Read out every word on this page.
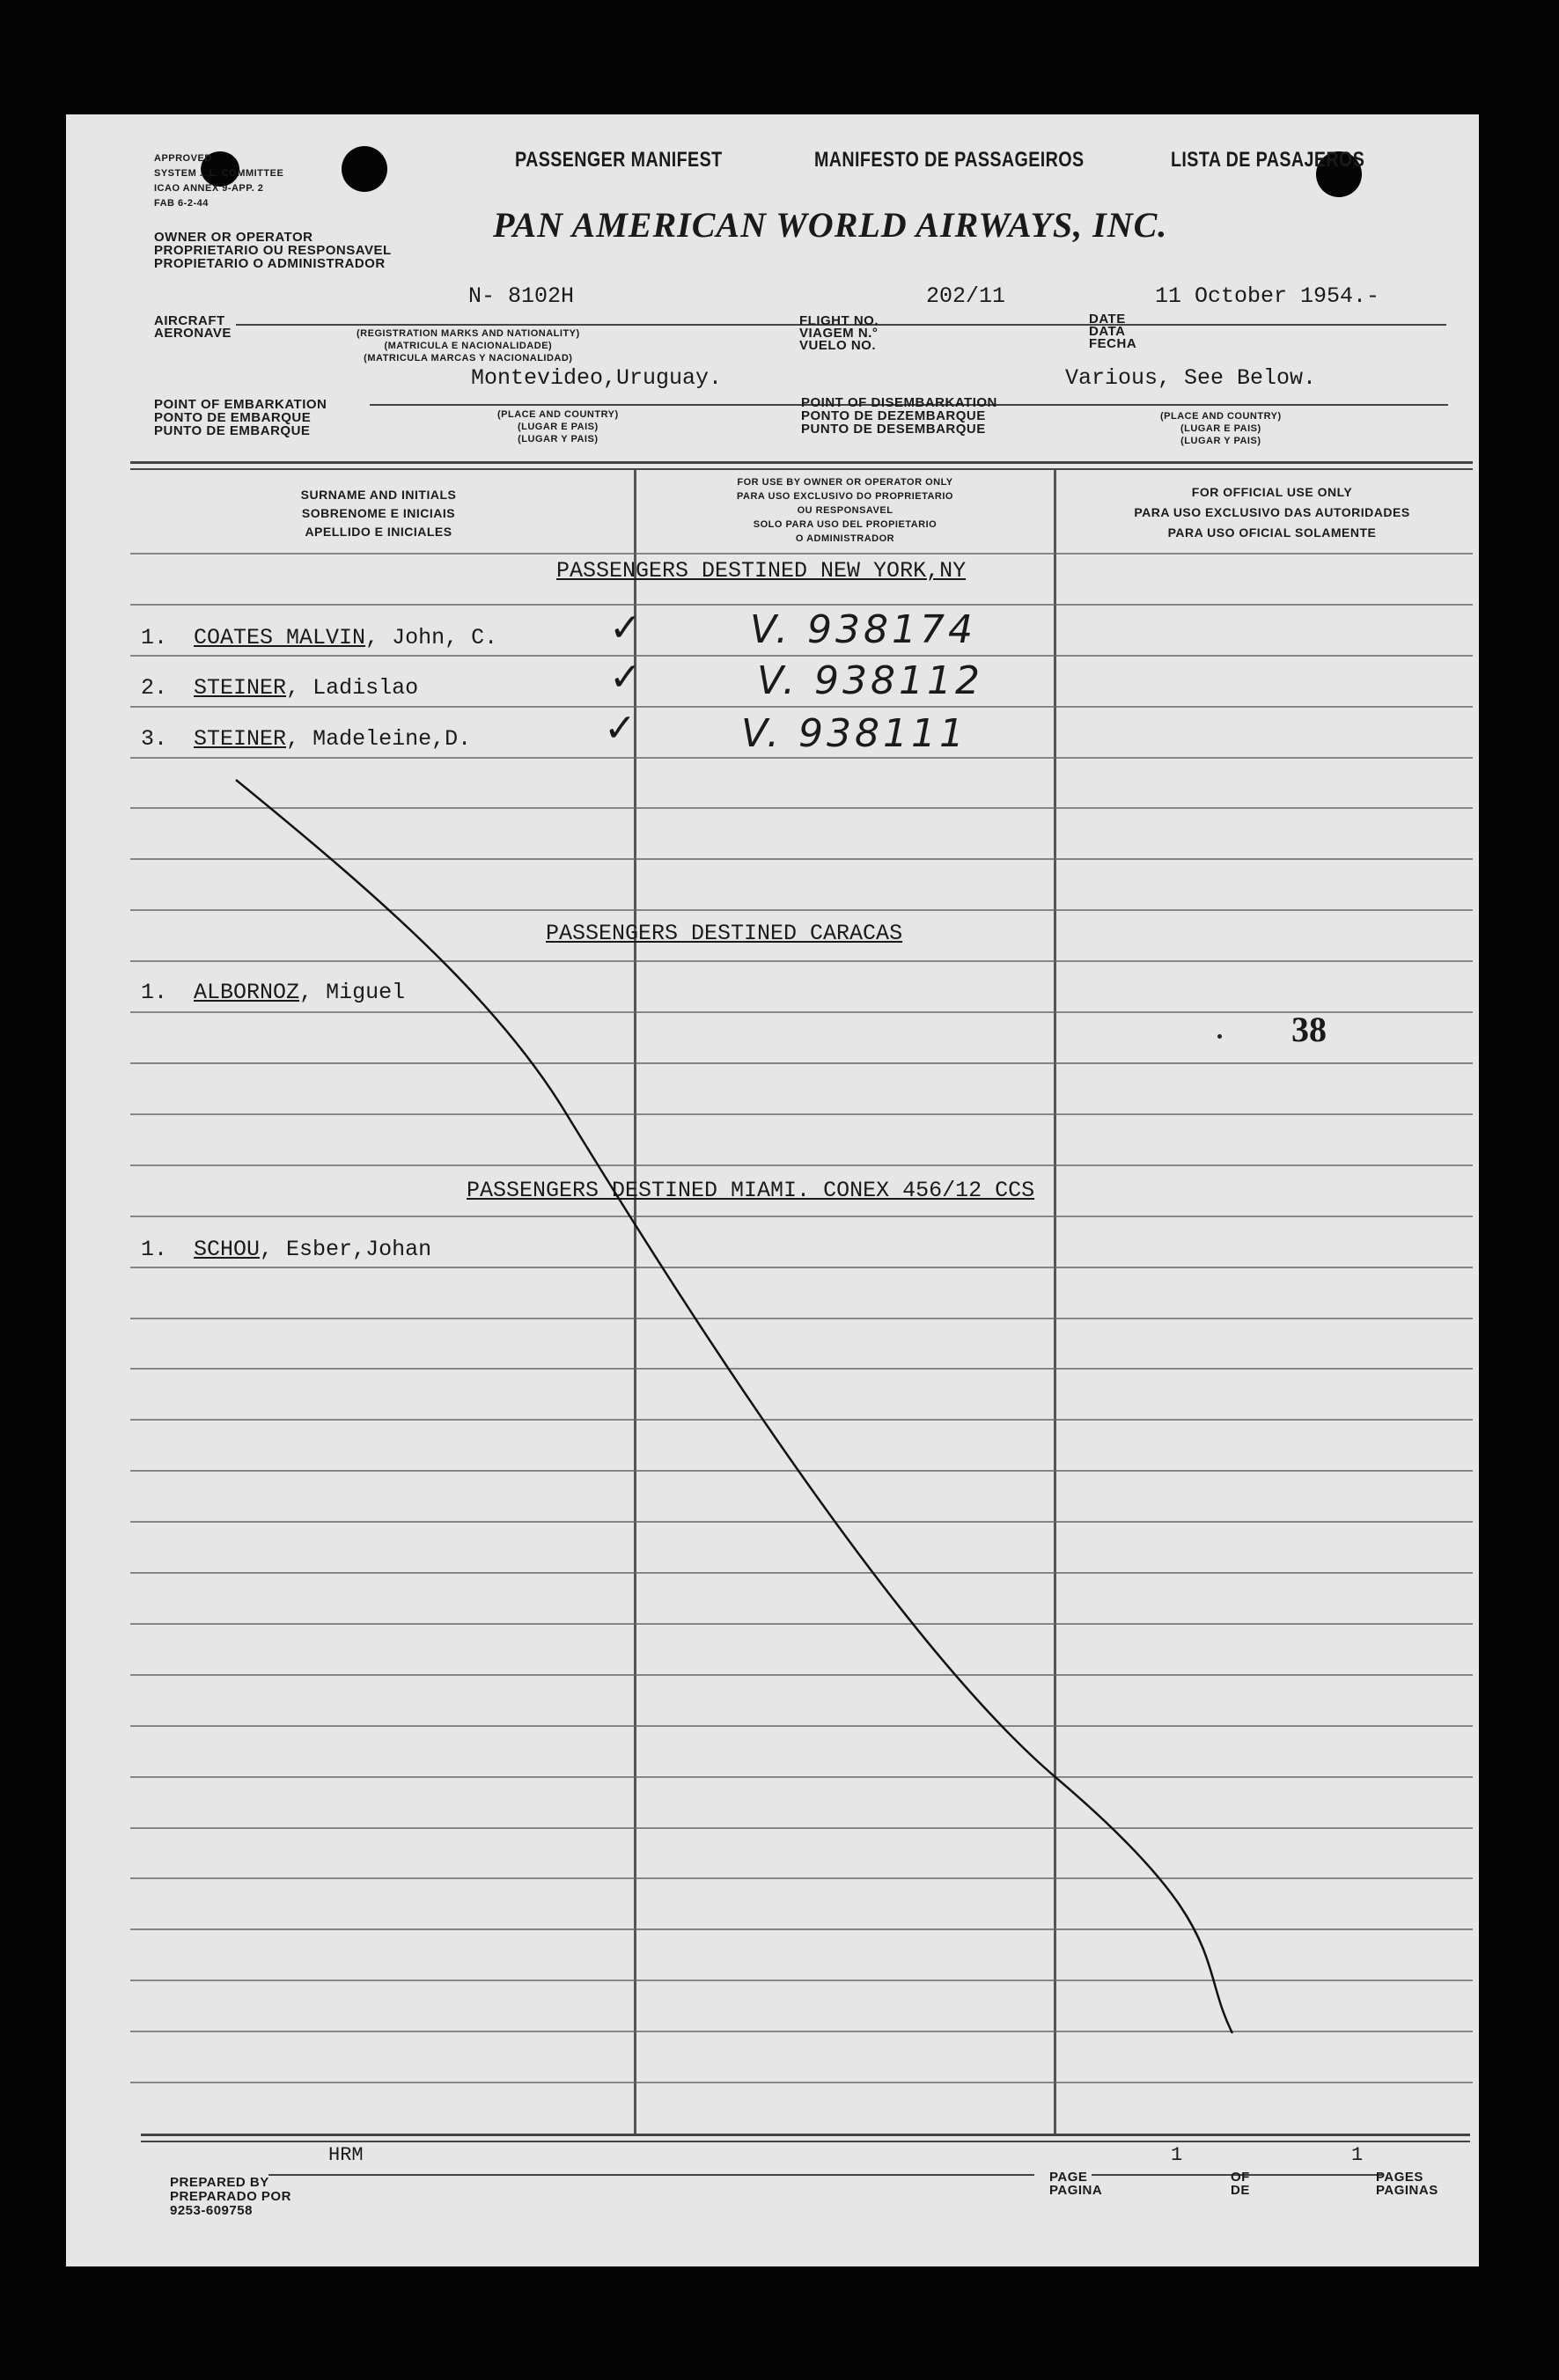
APPROVED
SYSTEM ...L. COMMITTEE
ICAO ANNEX 9-APP. 2
FAB 6-2-44
PASSENGER MANIFEST	MANIFESTO DE PASSAGEIROS	LISTA DE PASAJEROS
OWNER OR OPERATOR
PROPRIETARIO OU RESPONSAVEL
PROPIETARIO O ADMINISTRADOR
PAN AMERICAN WORLD AIRWAYS, INC.
N- 8102H	202/11	11 October 1954.-
AIRCRAFT
AERONAVE	(REGISTRATION MARKS AND NATIONALITY)
(MATRICULA E NACIONALIDADE)
(MATRICULA MARCAS Y NACIONALIDAD)
FLIGHT NO.
VIAGEM N.°
VUELO NO.
DATE
DATA
FECHA
Montevideo,Uruguay.	Various, See Below.
POINT OF EMBARKATION
PONTO DE EMBARQUE
PUNTO DE EMBARQUE
(PLACE AND COUNTRY)
(LUGAR E PAIS)
(LUGAR Y PAIS)
POINT OF DISEMBARKATION
PONTO DE DEZEMBARQUE
PUNTO DE DESEMBARQUE
(PLACE AND COUNTRY)
(LUGAR E PAIS)
(LUGAR Y PAIS)
SURNAME AND INITIALS
SOBRENOME E INICIAIS
APELLIDO E INICIALES
FOR USE BY OWNER OR OPERATOR ONLY
PARA USO EXCLUSIVO DO PROPRIETARIO
OU RESPONSAVEL
SOLO PARA USO DEL PROPIETARIO
O ADMINISTRADOR
FOR OFFICIAL USE ONLY
PARA USO EXCLUSIVO DAS AUTORIDADES
PARA USO OFICIAL SOLAMENTE
PASSENGERS DESTINED NEW YORK,NY
1. COATES MALVIN, John, C.	✓	V. 938174
2. STEINER, Ladislao	✓	V. 938112
3. STEINER, Madeleine,D.	✓	V. 938111
PASSENGERS DESTINED CARACAS
1. ALBORNOZ, Miguel
38
PASSENGERS DESTINED MIAMI. CONEX 456/12 CCS
1. SCHOU, Esber,Johan
HRM
PREPARED BY
PREPARADO POR
9253-609758
1	1
PAGE
PAGINA
OF
DE
PAGES
PAGINAS
